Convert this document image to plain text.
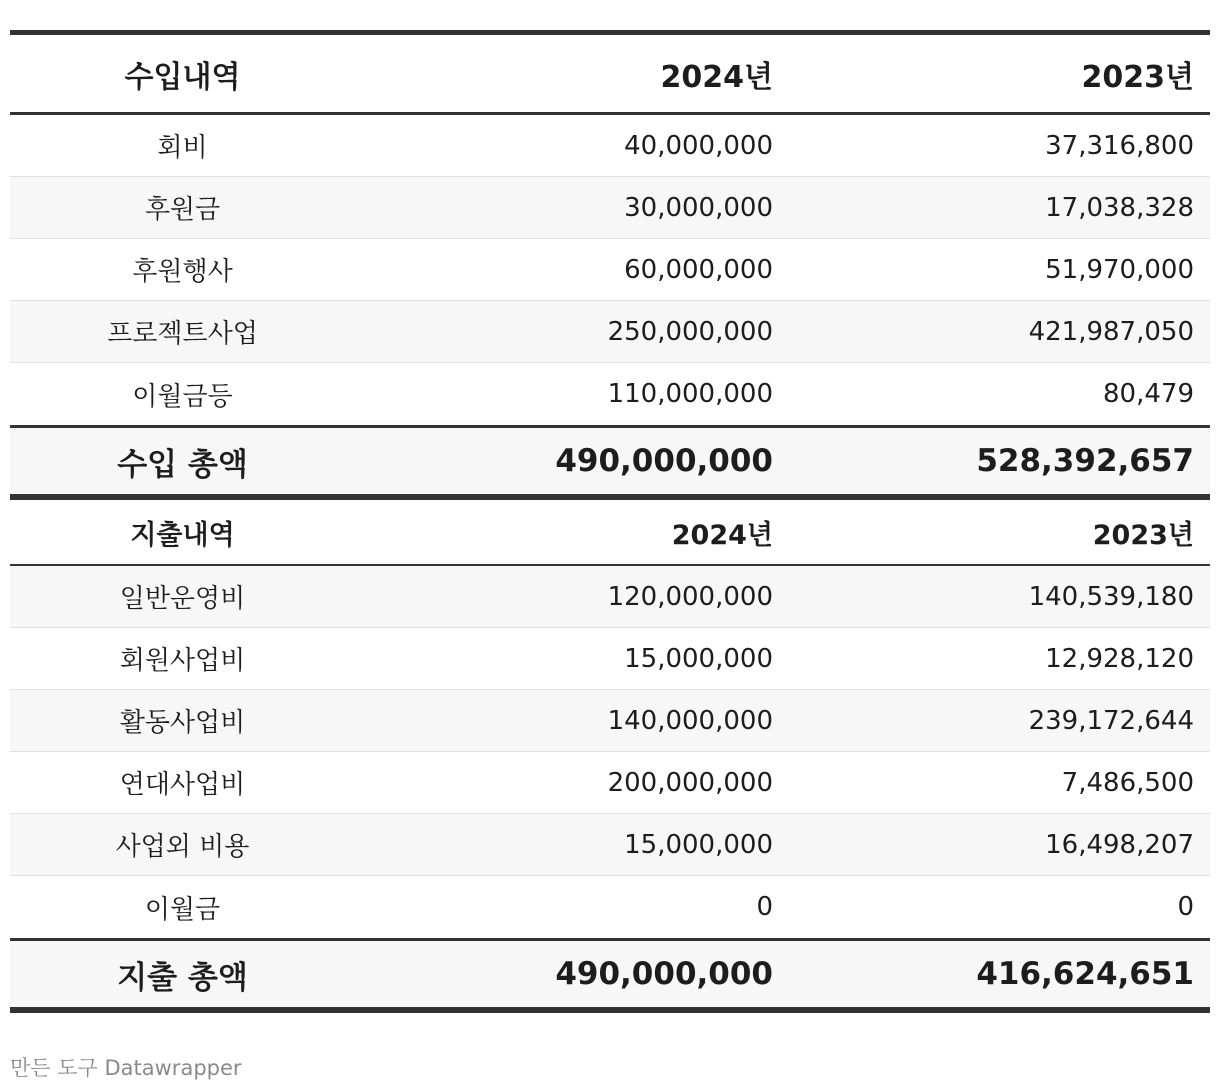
수입내역	2024년	2023년
회비	40,000,000	37,316,800
후원금	30,000,000	17,038,328
후원행사	60,000,000	51,970,000
프로젝트사업	250,000,000	421,987,050
이월금등	110,000,000	80,479
수입 총액	490,000,000	528,392,657
지출내역	2024년	2023년
일반운영비	120,000,000	140,539,180
회원사업비	15,000,000	12,928,120
활동사업비	140,000,000	239,172,644
연대사업비	200,000,000	7,486,500
사업외 비용	15,000,000	16,498,207
이월금	0	0
지출 총액	490,000,000	416,624,651
만든 도구 Datawrapper
